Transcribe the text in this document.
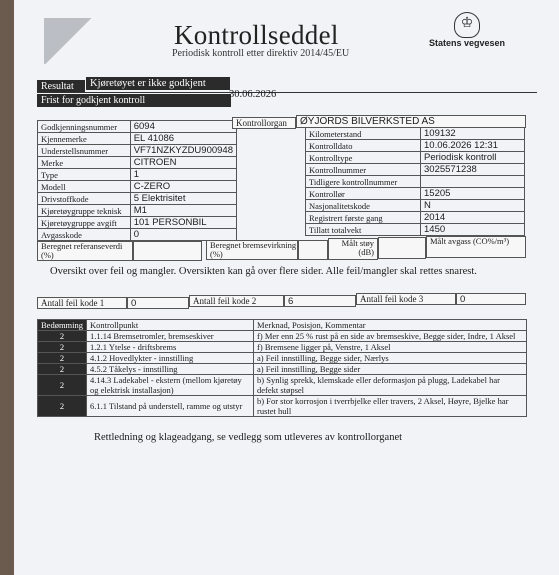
Kontrollseddel
Periodisk kontroll etter direktiv 2014/45/EU
♔
Statens vegvesen
Resultat	Kjøretøyet er ikke godkjent
Frist for godkjent kontroll
30.06.2026
Godkjenningsnummer	6094
Kjennemerke	EL 41086
Understellsnummer	VF71NZKYZDU900948
Merke	CITROEN
Type	1
Modell	C-ZERO
Drivstoffkode	5 Elektrisitet
Kjøretøygruppe teknisk	M1
Kjøretøygruppe avgift	101 PERSONBIL
Avgasskode	0
Kontrollorgan	ØYJORDS BILVERKSTED AS
Kilometerstand	109132
Kontrolldato	10.06.2026 12:31
Kontrolltype	Periodisk kontroll
Kontrollnummer	3025571238
Tidligere kontrollnummer	
Kontrollør	15205
Nasjonalitetskode	N
Registrert første gang	2014
Tillatt totalvekt	1450
Beregnet referanseverdi (%)
Beregnet bremsevirkning (%)
Målt støy (dB)
Målt avgass (CO%/m³)
Oversikt over feil og mangler. Oversikten kan gå over flere sider. Alle feil/mangler skal rettes snarest.
Antall feil kode 1	0	Antall feil kode 2	6	Antall feil kode 3	0
Bedømming	Kontrollpunkt	Merknad, Posisjon, Kommentar
2	1.1.14 Bremsetromler, bremseskiver	f) Mer enn 25 % rust på en side av bremseskive, Begge sider, Indre, 1 Aksel
2	1.2.1 Ytelse - driftsbrems	f) Bremsene ligger på, Venstre, 1 Aksel
2	4.1.2 Hovedlykter - innstilling	a) Feil innstilling, Begge sider, Nærlys
2	4.5.2 Tåkelys - innstilling	a) Feil innstilling, Begge sider
2	4.14.3 Ladekabel - ekstern (mellom kjøretøy og elektrisk installasjon)	b) Synlig sprekk, klemskade eller deformasjon på plugg, Ladekabel har defekt støpsel
2	6.1.1 Tilstand på understell, ramme og utstyr	b) For stor korrosjon i tverrbjelke eller travers, 2 Aksel, Høyre, Bjelke har rustet hull
Rettledning og klageadgang, se vedlegg som utleveres av kontrollorganet
